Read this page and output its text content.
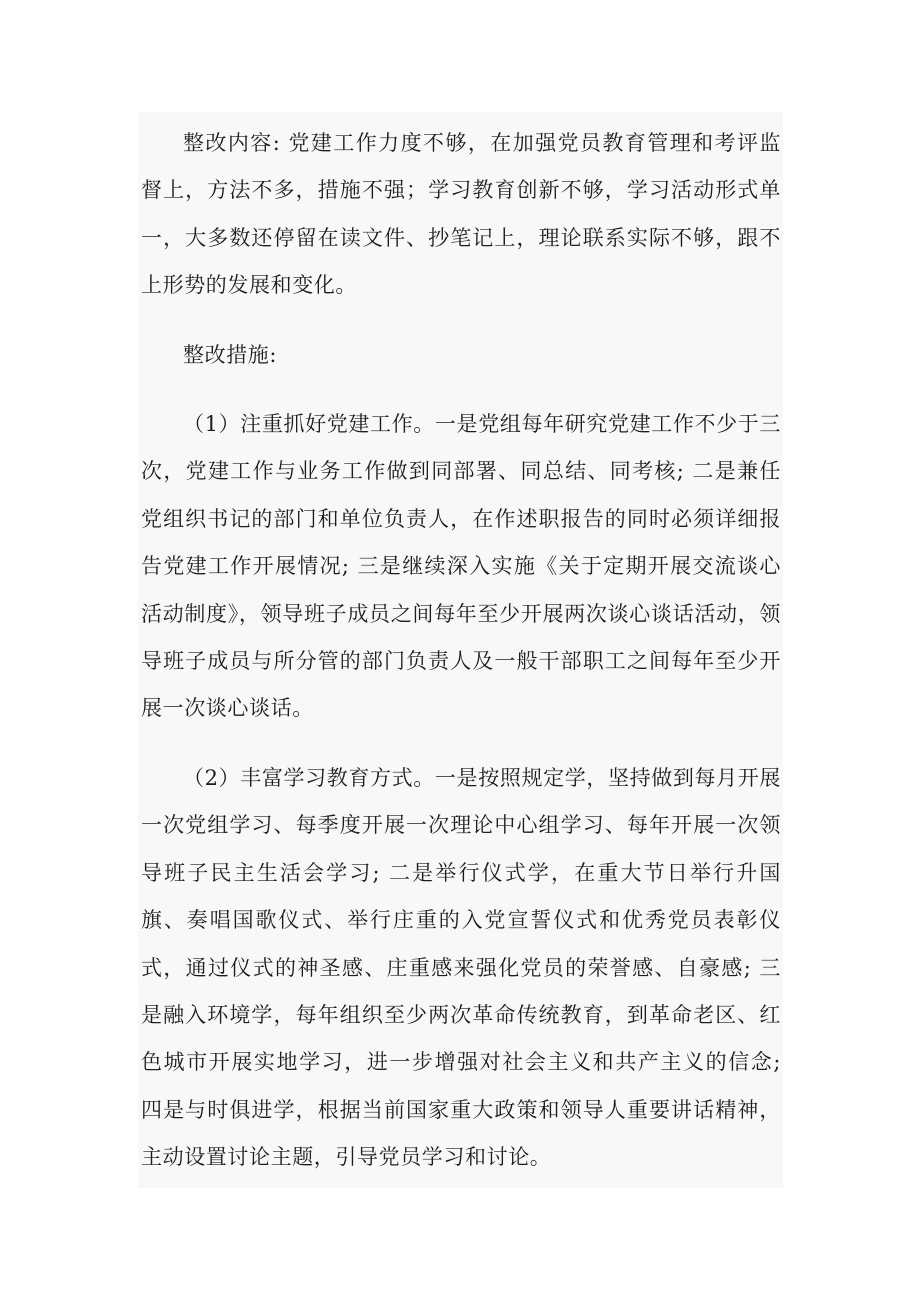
整改内容: 党建工作力度不够，在加强党员教育管理和考评监督上，方法不多，措施不强；学习教育创新不够，学习活动形式单一，大多数还停留在读文件、抄笔记上，理论联系实际不够，跟不上形势的发展和变化。

整改措施:

（1）注重抓好党建工作。一是党组每年研究党建工作不少于三次，党建工作与业务工作做到同部署、同总结、同考核; 二是兼任党组织书记的部门和单位负责人，在作述职报告的同时必须详细报告党建工作开展情况; 三是继续深入实施《关于定期开展交流谈心活动制度》，领导班子成员之间每年至少开展两次谈心谈话活动，领导班子成员与所分管的部门负责人及一般干部职工之间每年至少开展一次谈心谈话。

（2）丰富学习教育方式。一是按照规定学，坚持做到每月开展一次党组学习、每季度开展一次理论中心组学习、每年开展一次领导班子民主生活会学习; 二是举行仪式学，在重大节日举行升国旗、奏唱国歌仪式、举行庄重的入党宣誓仪式和优秀党员表彰仪式，通过仪式的神圣感、庄重感来强化党员的荣誉感、自豪感; 三是融入环境学，每年组织至少两次革命传统教育，到革命老区、红色城市开展实地学习，进一步增强对社会主义和共产主义的信念; 四是与时俱进学，根据当前国家重大政策和领导人重要讲话精神，主动设置讨论主题，引导党员学习和讨论。
